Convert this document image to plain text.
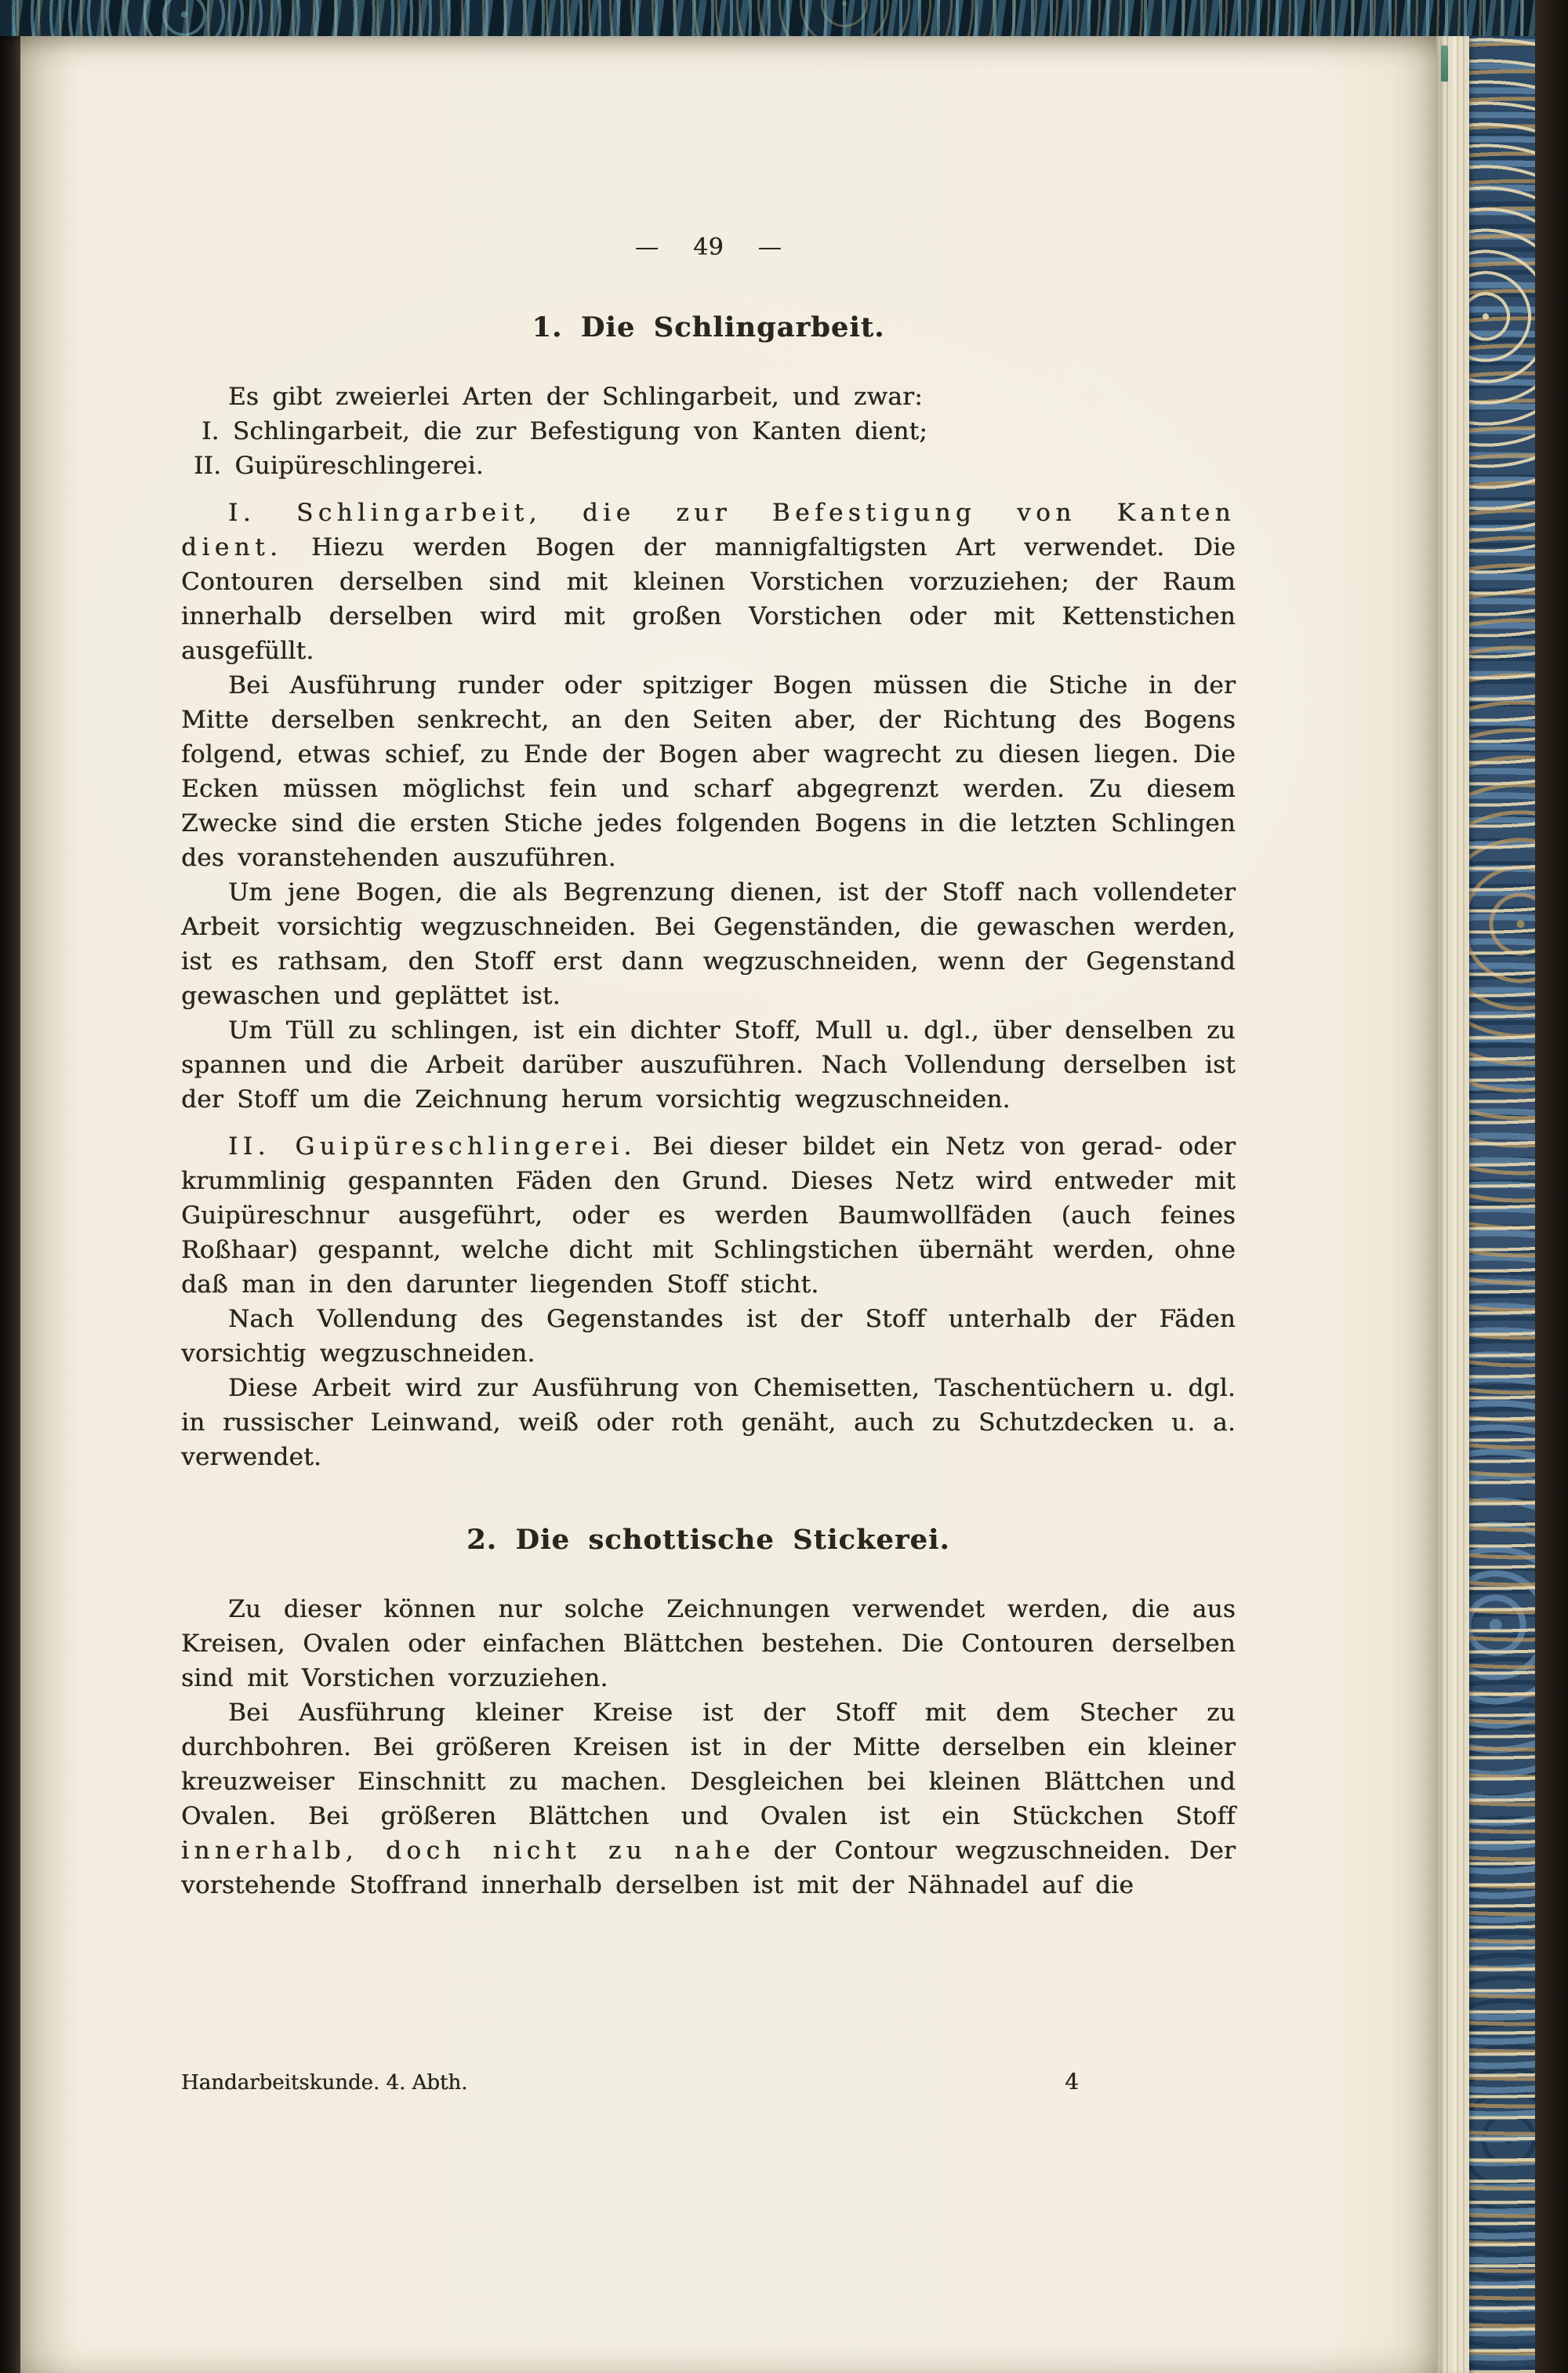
— 49 —

1. Die Schlingarbeit.

Es gibt zweierlei Arten der Schlingarbeit, und zwar:

I. Schlingarbeit, die zur Befestigung von Kanten dient;

II. Guipüreschlingerei.

I. Schlingarbeit, die zur Befestigung von Kanten dient. Hiezu werden Bogen der mannigfaltigsten Art verwendet. Die Contouren derselben sind mit kleinen Vorstichen vorzuziehen; der Raum innerhalb derselben wird mit großen Vorstichen oder mit Kettenstichen ausgefüllt.

Bei Ausführung runder oder spitziger Bogen müssen die Stiche in der Mitte derselben senkrecht, an den Seiten aber, der Richtung des Bogens folgend, etwas schief, zu Ende der Bogen aber wagrecht zu diesen liegen. Die Ecken müssen möglichst fein und scharf abgegrenzt werden. Zu diesem Zwecke sind die ersten Stiche jedes folgenden Bogens in die letzten Schlingen des voranstehenden auszuführen.

Um jene Bogen, die als Begrenzung dienen, ist der Stoff nach vollendeter Arbeit vorsichtig wegzuschneiden. Bei Gegenständen, die gewaschen werden, ist es rathsam, den Stoff erst dann wegzuschneiden, wenn der Gegenstand gewaschen und geplättet ist.

Um Tüll zu schlingen, ist ein dichter Stoff, Mull u. dgl., über denselben zu spannen und die Arbeit darüber auszuführen. Nach Vollendung derselben ist der Stoff um die Zeichnung herum vorsichtig wegzuschneiden.

II. Guipüreschlingerei. Bei dieser bildet ein Netz von gerad- oder krummlinig gespannten Fäden den Grund. Dieses Netz wird entweder mit Guipüreschnur ausgeführt, oder es werden Baumwollfäden (auch feines Roßhaar) gespannt, welche dicht mit Schlingstichen übernäht werden, ohne daß man in den darunter liegenden Stoff sticht.

Nach Vollendung des Gegenstandes ist der Stoff unterhalb der Fäden vorsichtig wegzuschneiden.

Diese Arbeit wird zur Ausführung von Chemisetten, Taschentüchern u. dgl. in russischer Leinwand, weiß oder roth genäht, auch zu Schutzdecken u. a. verwendet.

2. Die schottische Stickerei.

Zu dieser können nur solche Zeichnungen verwendet werden, die aus Kreisen, Ovalen oder einfachen Blättchen bestehen. Die Contouren derselben sind mit Vorstichen vorzuziehen.

Bei Ausführung kleiner Kreise ist der Stoff mit dem Stecher zu durchbohren. Bei größeren Kreisen ist in der Mitte derselben ein kleiner kreuzweiser Einschnitt zu machen. Desgleichen bei kleinen Blättchen und Ovalen. Bei größeren Blättchen und Ovalen ist ein Stückchen Stoff innerhalb, doch nicht zu nahe der Contour wegzuschneiden. Der vorstehende Stoffrand innerhalb derselben ist mit der Nähnadel auf die

Handarbeitskunde. 4. Abth.	4
